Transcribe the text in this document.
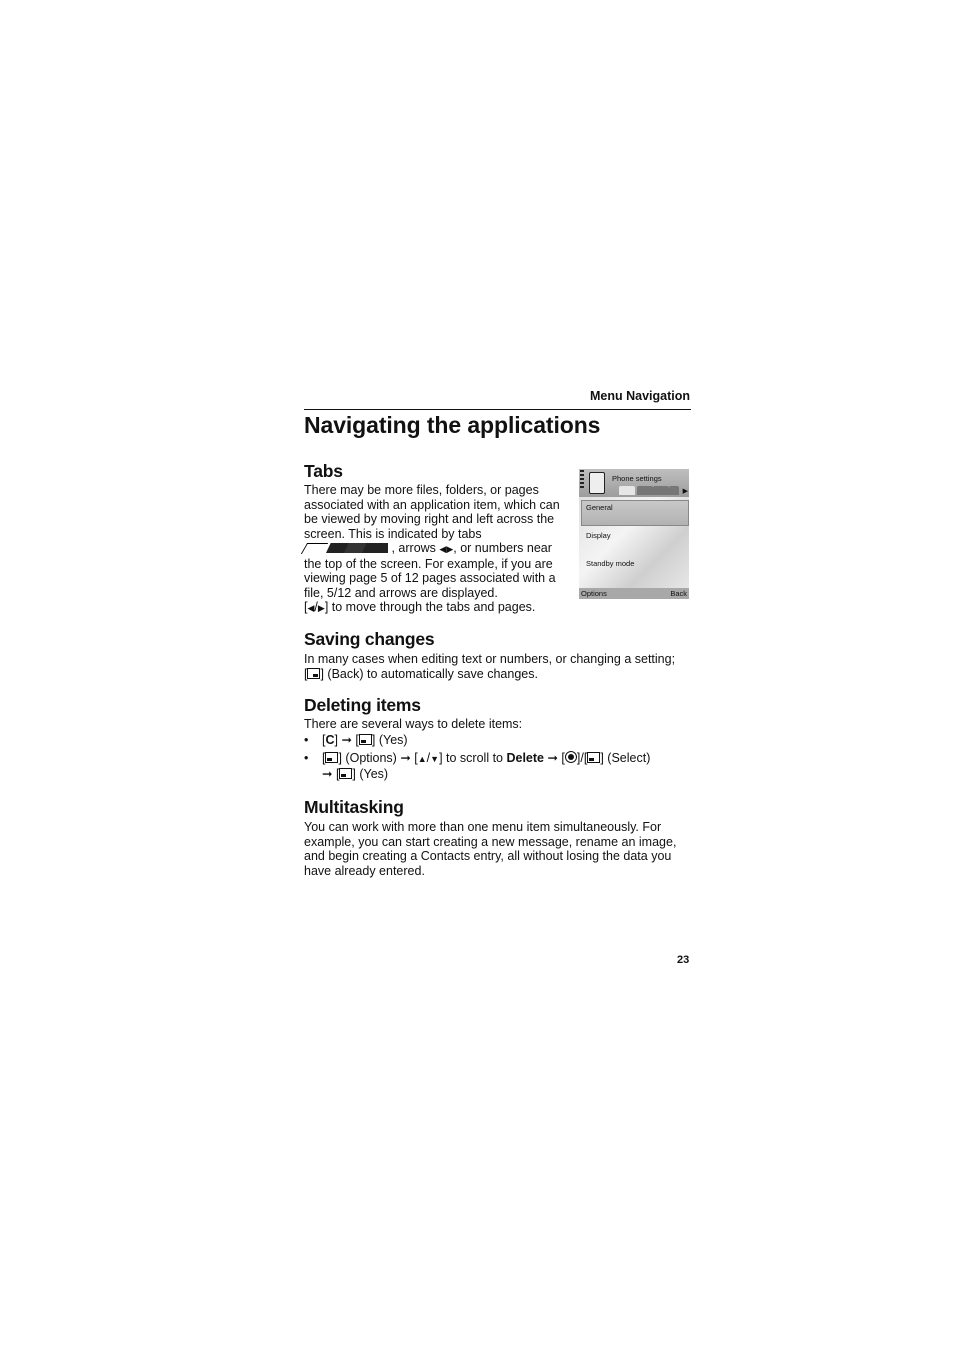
Menu Navigation
Navigating the applications
Tabs
There may be more files, folders, or pages
associated with an application item, which can
be viewed by moving right and left across the
screen. This is indicated by tabs

, arrows ◀▶, or numbers near
the top of the screen. For example, if you are
viewing page 5 of 12 pages associated with a
file, 5/12 and arrows are displayed.
[◀/▶] to move through the tabs and pages.
Phone settings
▶
General
Display
Standby mode
Options	Back
Saving changes
In many cases when editing text or numbers, or changing a setting;
[ ] (Back) to automatically save changes.
Deleting items
There are several ways to delete items:
• [C] ➞ [ ] (Yes)
• [ ] (Options) ➞ [▲/▼] to scroll to Delete ➞ [ ]/[ ] (Select)
➞ [ ] (Yes)
Multitasking
You can work with more than one menu item simultaneously. For
example, you can start creating a new message, rename an image,
and begin creating a Contacts entry, all without losing the data you
have already entered.
23
